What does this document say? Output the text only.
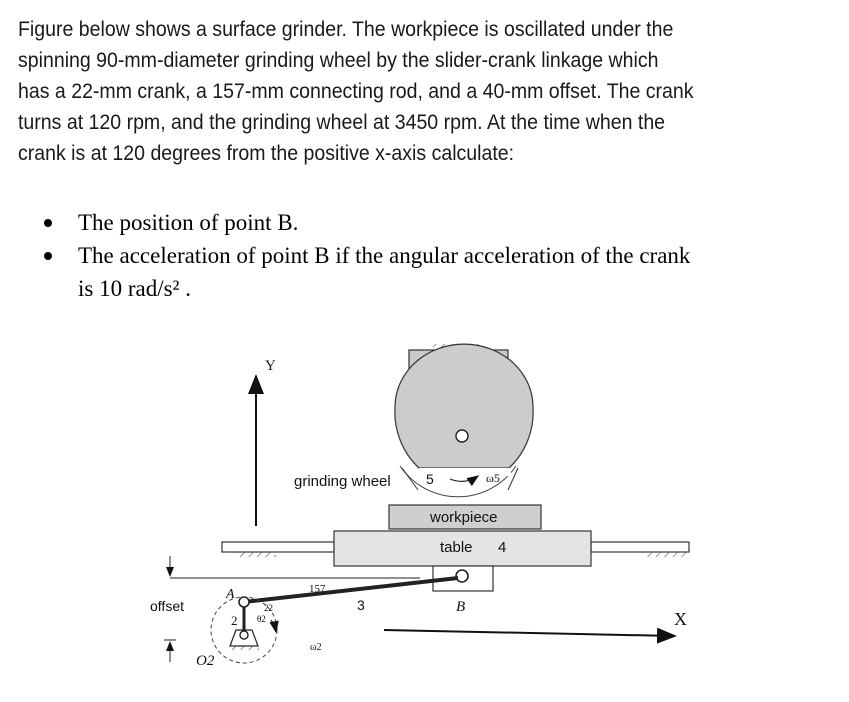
Figure below shows a surface grinder. The workpiece is oscillated under the
spinning 90-mm-diameter grinding wheel by the slider-crank linkage which
has a 22-mm crank, a 157-mm connecting rod, and a 40-mm offset. The crank
turns at 120 rpm, and the grinding wheel at 3450 rpm. At the time when the
crank is at 120 degrees from the positive x-axis calculate:
The position of point B.
The acceleration of point B if the angular acceleration of the crank
is 10 rad/s² .
Y
X
5	ω5
grinding wheel
workpiece
table 4
B
3
157
offset
A
2
O2
θ2
22
ω2
